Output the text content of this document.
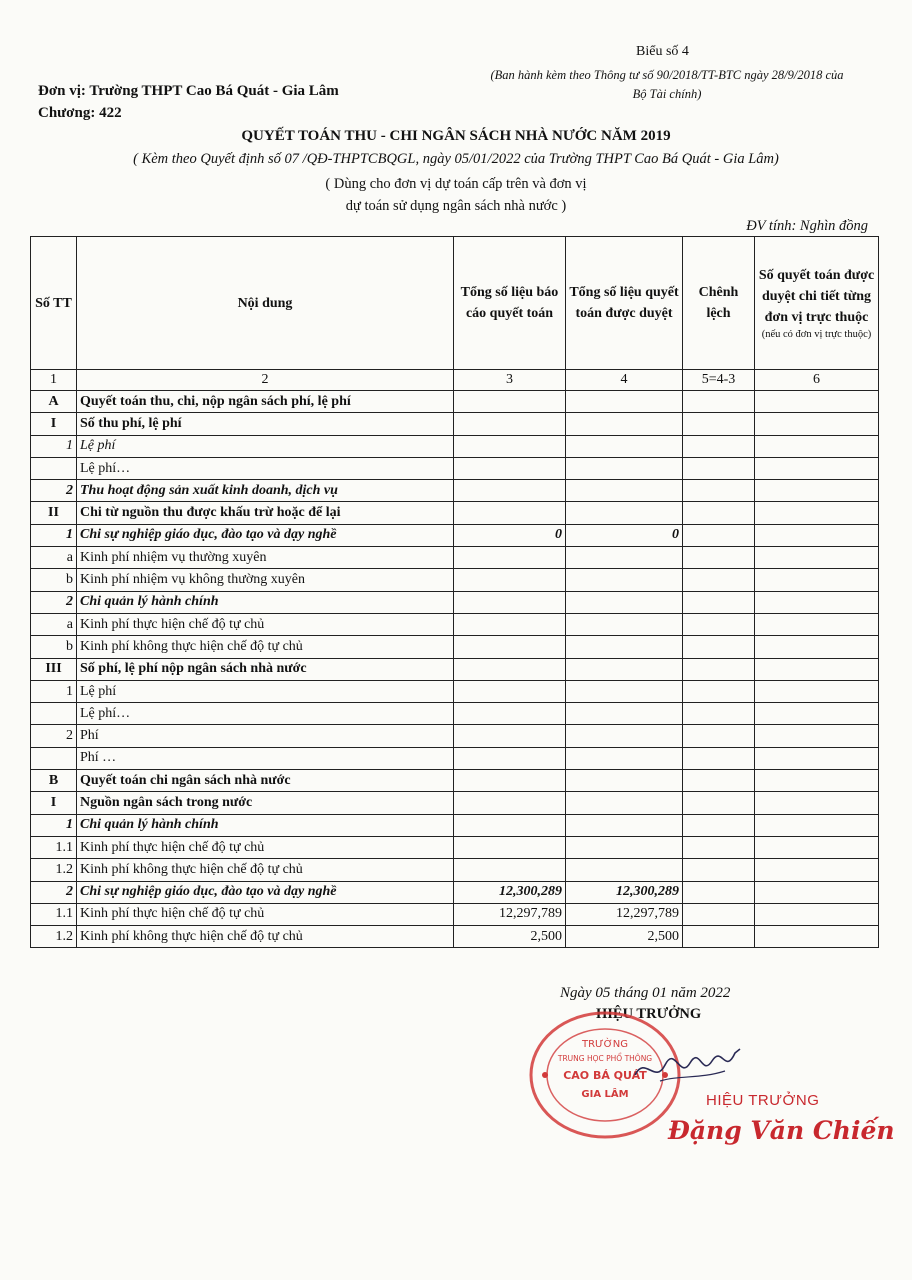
Biểu số 4
(Ban hành kèm theo Thông tư số 90/2018/TT-BTC ngày 28/9/2018 của
Bộ Tài chính)
Đơn vị: Trường THPT Cao Bá Quát - Gia Lâm
Chương: 422
QUYẾT TOÁN THU - CHI NGÂN SÁCH NHÀ NƯỚC NĂM 2019
( Kèm theo Quyết định số 07 /QĐ-THPTCBQGL, ngày 05/01/2022 của Trường THPT Cao Bá Quát - Gia Lâm)
( Dùng cho đơn vị dự toán cấp trên và đơn vị
dự toán sử dụng ngân sách nhà nước )
ĐV tính: Nghìn đồng
Số TT	Nội dung	Tổng số liệu báo cáo quyết toán	Tổng số liệu quyết toán được duyệt	Chênh lệch	Số quyết toán được duyệt chi tiết từng đơn vị trực thuộc
(nếu có đơn vị trực thuộc)

1	2	3	4	5=4-3	6
A	Quyết toán thu, chi, nộp ngân sách phí, lệ phí				
I	Số thu phí, lệ phí				
1	Lệ phí				
	Lệ phí…				
2	Thu hoạt động sản xuất kinh doanh, dịch vụ				
II	Chi từ nguồn thu được khấu trừ hoặc để lại				
1	Chi sự nghiệp giáo dục, đào tạo và dạy nghề	0	0		
a	Kinh phí nhiệm vụ thường xuyên				
b	Kinh phí nhiệm vụ không thường xuyên				
2	Chi quản lý hành chính				
a	Kinh phí thực hiện chế độ tự chủ				
b	Kinh phí không thực hiện chế độ tự chủ				
III	Số phí, lệ phí nộp ngân sách nhà nước				
1	Lệ phí				
	Lệ phí…				
2	Phí				
	Phí …				
B	Quyết toán chi ngân sách nhà nước				
I	Nguồn ngân sách trong nước				
1	Chi quản lý hành chính				
1.1	Kinh phí thực hiện chế độ tự chủ				
1.2	Kinh phí không thực hiện chế độ tự chủ				
2	Chi sự nghiệp giáo dục, đào tạo và dạy nghề	12,300,289	12,300,289		
1.1	Kinh phí thực hiện chế độ tự chủ	12,297,789	12,297,789		
1.2	Kinh phí không thực hiện chế độ tự chủ	2,500	2,500		
Ngày 05 tháng 01 năm 2022
HIỆU TRƯỞNG
TRƯỜNG
TRUNG HỌC PHỔ THÔNG
CAO BÁ QUÁT
GIA LÂM	HIỆU TRƯỞNG
Đặng Văn Chiến
